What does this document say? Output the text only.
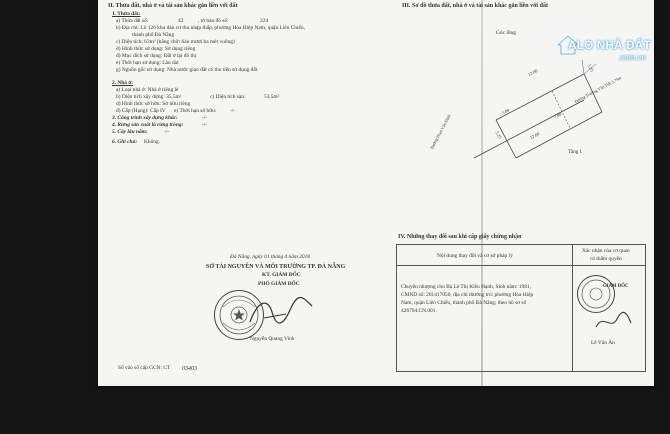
II. Thửa đất, nhà ở và tài sản khác gắn liền với đất
1. Thửa đất:
a) Thửa đất số:	42	, tờ bản đồ số:	224
b) Địa chỉ: Lô 126 khu dân cư thu nhập thấp, phường Hòa Hiệp Nam, quận Liên Chiểu,
thành phố Đà Nẵng
c) Diện tích: 63m² (bằng chữ: Sáu mươi ba mét vuông)
d) Hình thức sử dụng: Sử dụng riêng
đ) Mục đích sử dụng: Đất ở tại đô thị
e) Thời hạn sử dụng: Lâu dài
g) Nguồn gốc sử dụng: Nhà nước giao đất có thu tiền sử dụng đất
2. Nhà ở:
a) Loại nhà ở: Nhà ở riêng lẻ
b) Diện tích xây dựng: 35,5m²	c) Diện tích sàn:	53,5m²
d) Hình thức sở hữu: Sở hữu riêng
đ) Cấp (Hạng): Cấp IV e) Thời hạn sở hữu:	-/-
3. Công trình xây dựng khác:	-/-
4. Rừng sản xuất là rừng trồng:	-/-
5. Cây lâu năm:	-/-
6. Ghi chú: Không.
Đà Nẵng, ngày 01 tháng 4 năm 2018
SỞ TÀI NGUYÊN VÀ MÔI TRƯỜNG TP. ĐÀ NẴNG
KT. GIÁM ĐỐC
PHÓ GIÁM ĐỐC
Nguyễn Quang Vinh
Số vào sổ cấp GCN: CT 03403
III. Sơ đồ thửa đất, nhà ở và tài sản khác gắn liền với đất
Góc lồng
12.00
5.25
5.25	12.00
7.00
5.00
Đường Trường Vân Tiết 3,75m
Đường Phan Văn Định
Tầng 1
IV. Những thay đổi sau khi cấp giấy chứng nhận
Nội dung thay đổi và cơ sở pháp lý
Xác nhận của cơ quan
có thẩm quyền
Chuyển nhượng cho Bà Lê Thị Kiều Hạnh, Sinh năm: 1981,
CMND số: 201417050, địa chỉ thường trú: phường Hòa Hiệp
Nam, quận Liên Chiểu, thành phố Đà Nẵng; theo hồ sơ số
426794.CN.001.
GIÁM ĐỐC
Lê Văn Ân
ALO NHÀ ĐẤT
.com.vn
